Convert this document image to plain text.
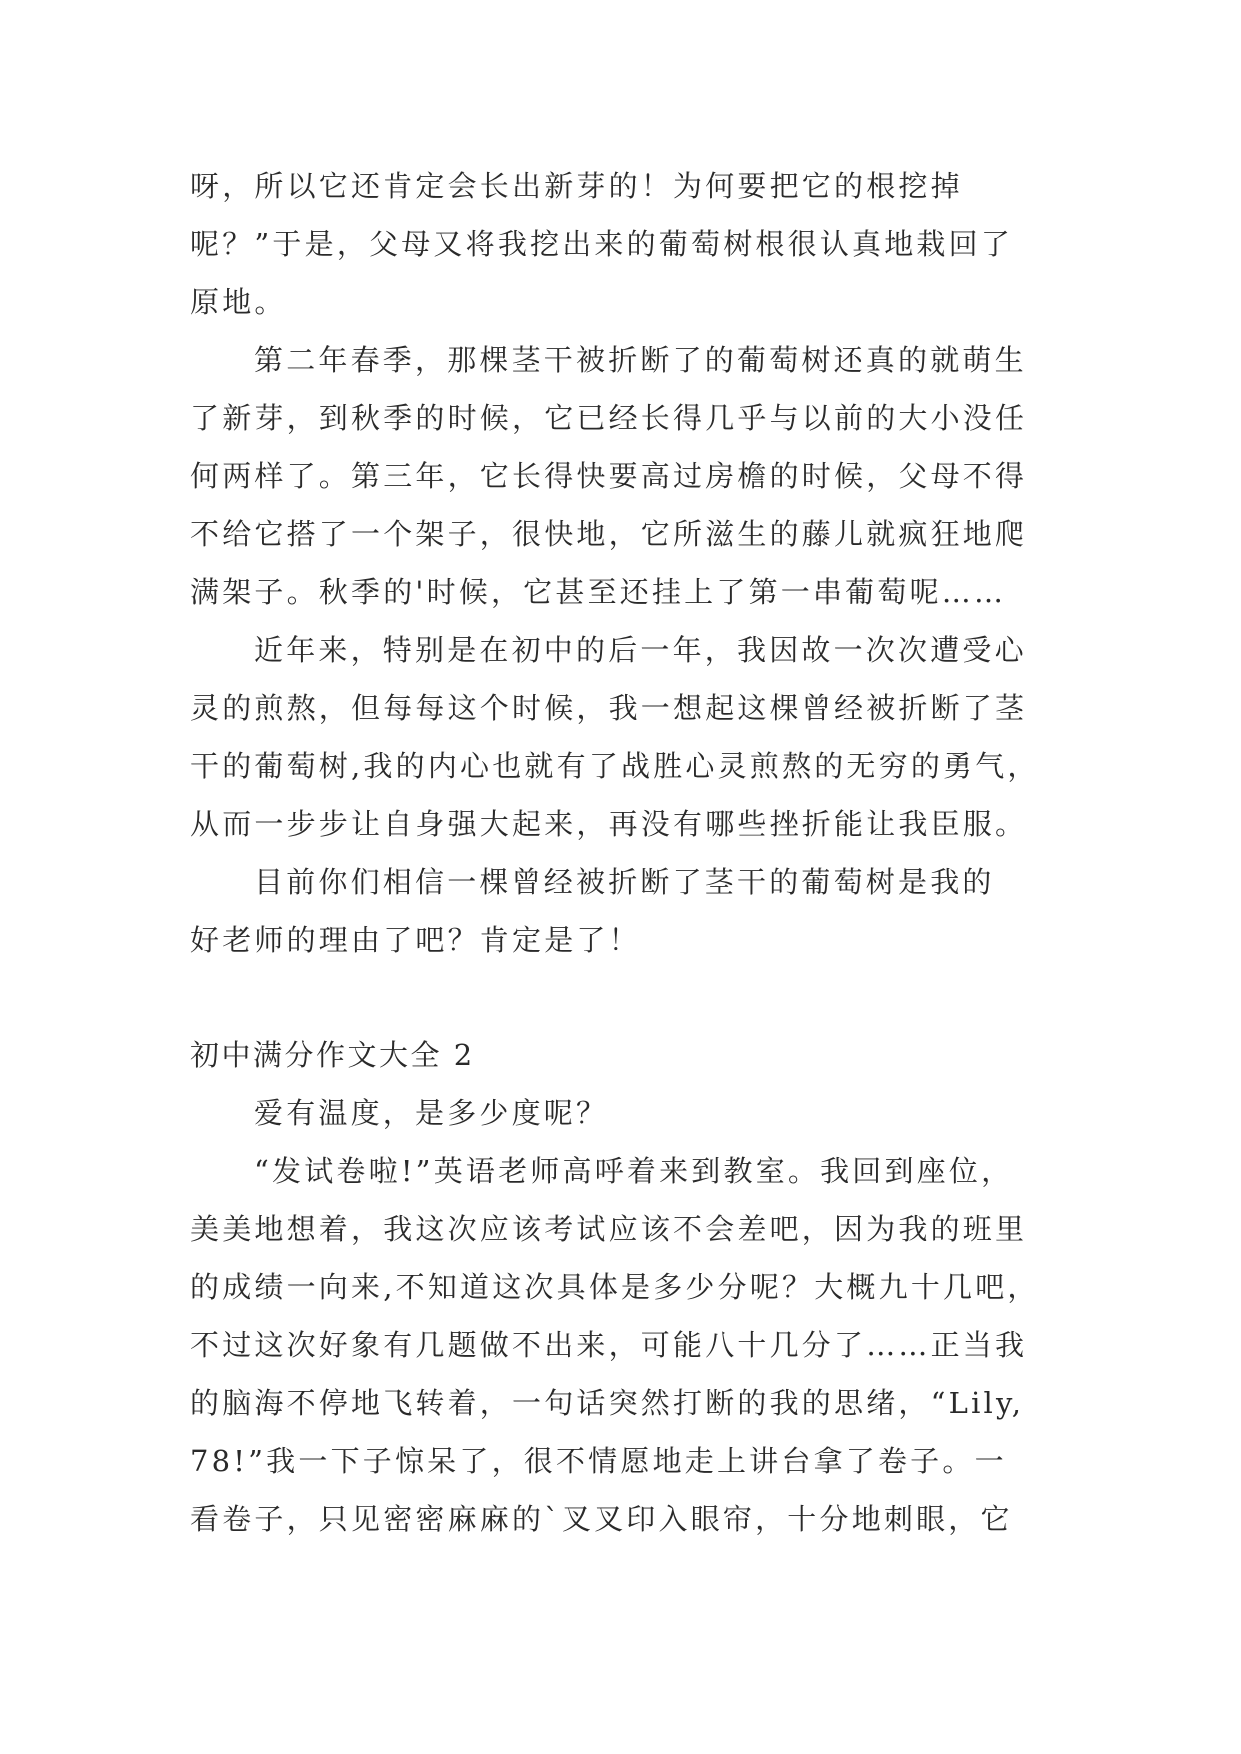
呀，所以它还肯定会长出新芽的！为何要把它的根挖掉
呢？”于是，父母又将我挖出来的葡萄树根很认真地栽回了
原地。
第二年春季，那棵茎干被折断了的葡萄树还真的就萌生
了新芽，到秋季的时候，它已经长得几乎与以前的大小没任
何两样了。第三年，它长得快要高过房檐的时候，父母不得
不给它搭了一个架子，很快地，它所滋生的藤儿就疯狂地爬
满架子。秋季的'时候，它甚至还挂上了第一串葡萄呢……
近年来，特别是在初中的后一年，我因故一次次遭受心
灵的煎熬，但每每这个时候，我一想起这棵曾经被折断了茎
干的葡萄树,我的内心也就有了战胜心灵煎熬的无穷的勇气，
从而一步步让自身强大起来，再没有哪些挫折能让我臣服。
目前你们相信一棵曾经被折断了茎干的葡萄树是我的
好老师的理由了吧？肯定是了！
初中满分作文大全 2
爱有温度，是多少度呢？
“发试卷啦!”英语老师高呼着来到教室。我回到座位，
美美地想着，我这次应该考试应该不会差吧，因为我的班里
的成绩一向来,不知道这次具体是多少分呢？大概九十几吧，
不过这次好象有几题做不出来，可能八十几分了……正当我
的脑海不停地飞转着，一句话突然打断的我的思绪，“Lily,
78!”我一下子惊呆了，很不情愿地走上讲台拿了卷子。一
看卷子，只见密密麻麻的`叉叉印入眼帘，十分地刺眼，它
